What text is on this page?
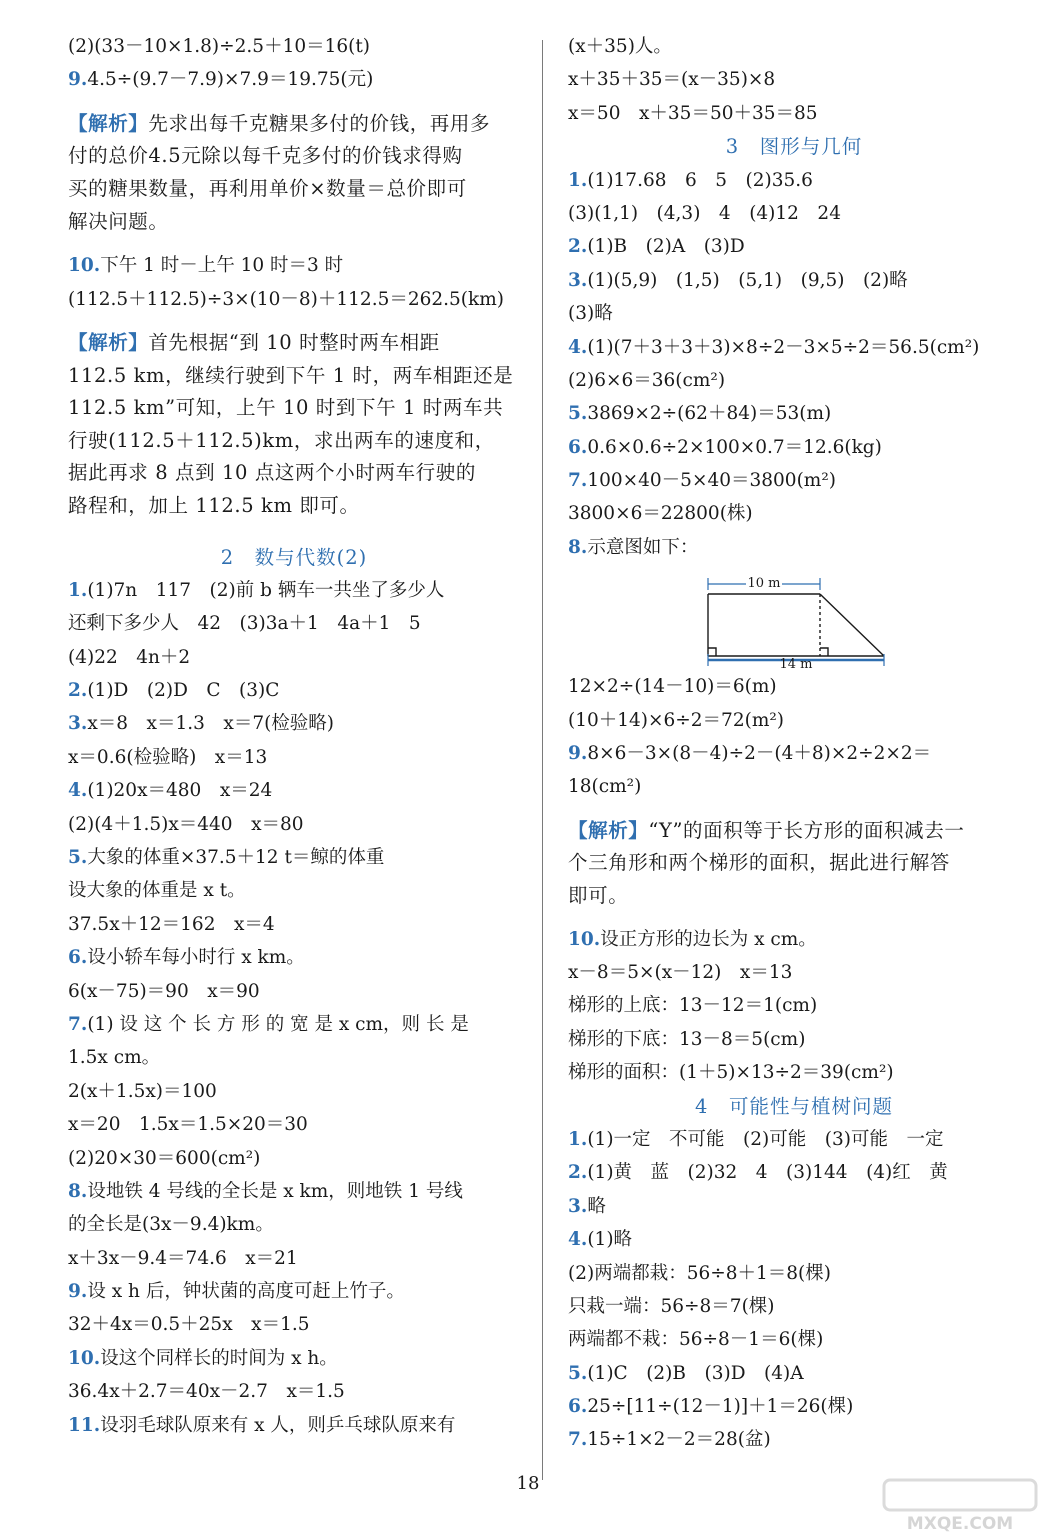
(2)(33－10×1.8)÷2.5＋10＝16(t)
9.4.5÷(9.7－7.9)×7.9＝19.75(元)
【解析】先求出每千克糖果多付的价钱，再用多
付的总价4.5元除以每千克多付的价钱求得购
买的糖果数量，再利用单价×数量＝总价即可
解决问题。
10.下午 1 时－上午 10 时＝3 时
(112.5＋112.5)÷3×(10－8)＋112.5＝262.5(km)
【解析】首先根据“到 10 时整时两车相距
112.5 km，继续行驶到下午 1 时，两车相距还是
112.5 km”可知，上午 10 时到下午 1 时两车共
行驶(112.5＋112.5)km，求出两车的速度和，
据此再求 8 点到 10 点这两个小时两车行驶的
路程和，加上 112.5 km 即可。
2　数与代数(2)
1.(1)7n　117　(2)前 b 辆车一共坐了多少人
还剩下多少人　42　(3)3a＋1　4a＋1　5
(4)22　4n＋2
2.(1)D　(2)D　C　(3)C
3.x＝8　x＝1.3　x＝7(检验略)
x＝0.6(检验略)　x＝13
4.(1)20x＝480　x＝24
(2)(4＋1.5)x＝440　x＝80
5.大象的体重×37.5＋12 t＝鲸的体重
设大象的体重是 x t。
37.5x＋12＝162　x＝4
6.设小轿车每小时行 x km。
6(x－75)＝90　x＝90
7.(1) 设 这 个 长 方 形 的 宽 是 x cm，则 长 是
1.5x cm。
2(x＋1.5x)＝100
x＝20　1.5x＝1.5×20＝30
(2)20×30＝600(cm²)
8.设地铁 4 号线的全长是 x km，则地铁 1 号线
的全长是(3x－9.4)km。
x＋3x－9.4＝74.6　x＝21
9.设 x h 后，钟状菌的高度可赶上竹子。
32＋4x＝0.5＋25x　x＝1.5
10.设这个同样长的时间为 x h。
36.4x＋2.7＝40x－2.7　x＝1.5
11.设羽毛球队原来有 x 人，则乒乓球队原来有
(x＋35)人。
x＋35＋35＝(x－35)×8
x＝50　x＋35＝50＋35＝85
3　图形与几何
1.(1)17.68　6　5　(2)35.6
(3)(1,1)　(4,3)　4　(4)12　24
2.(1)B　(2)A　(3)D
3.(1)(5,9)　(1,5)　(5,1)　(9,5)　(2)略
(3)略
4.(1)(7＋3＋3＋3)×8÷2－3×5÷2＝56.5(cm²)
(2)6×6＝36(cm²)
5.3869×2÷(62＋84)＝53(m)
6.0.6×0.6÷2×100×0.7＝12.6(kg)
7.100×40－5×40＝3800(m²)
3800×6＝22800(株)
8.示意图如下：
10 m
14 m
12×2÷(14－10)＝6(m)
(10＋14)×6÷2＝72(m²)
9.8×6－3×(8－4)÷2－(4＋8)×2÷2×2＝
18(cm²)
【解析】“Y”的面积等于长方形的面积减去一
个三角形和两个梯形的面积，据此进行解答
即可。
10.设正方形的边长为 x cm。
x－8＝5×(x－12)　x＝13
梯形的上底：13－12＝1(cm)
梯形的下底：13－8＝5(cm)
梯形的面积：(1＋5)×13÷2＝39(cm²)
4　可能性与植树问题
1.(1)一定　不可能　(2)可能　(3)可能　一定
2.(1)黄　蓝　(2)32　4　(3)144　(4)红　黄
3.略
4.(1)略
(2)两端都栽：56÷8＋1＝8(棵)
只栽一端：56÷8＝7(棵)
两端都不栽：56÷8－1＝6(棵)
5.(1)C　(2)B　(3)D　(4)A
6.25÷[11÷(12－1)]＋1＝26(棵)
7.15÷1×2－2＝28(盆)
18
MXQE.COM
